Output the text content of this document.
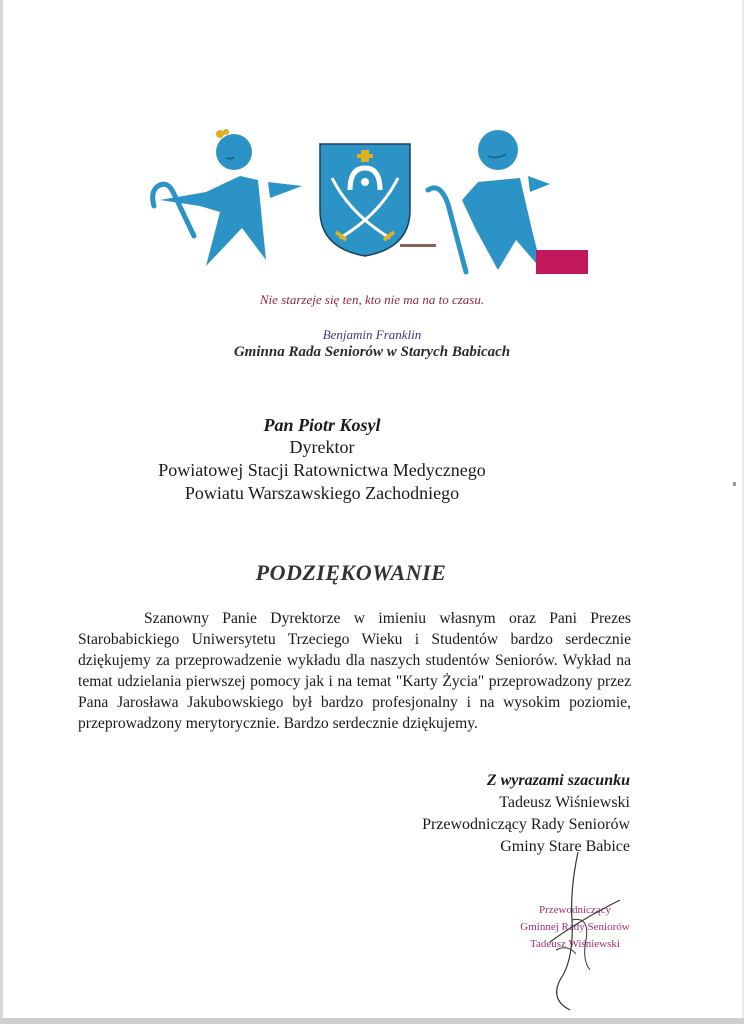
Nie starzeje się ten, kto nie ma na to czasu.
Benjamin Franklin
Gminna Rada Seniorów w Starych Babicach
Pan Piotr Kosyl
Dyrektor
Powiatowej Stacji Ratownictwa Medycznego
Powiatu Warszawskiego Zachodniego
PODZIĘKOWANIE
Szanowny Panie Dyrektorze w imieniu własnym oraz Pani Prezes Starobabickiego Uniwersytetu Trzeciego Wieku i Studentów bardzo serdecznie dziękujemy za przeprowadzenie wykładu dla naszych studentów Seniorów. Wykład na temat udzielania pierwszej pomocy jak i na temat "Karty Życia" przeprowadzony przez Pana Jarosława Jakubowskiego był bardzo profesjonalny i na wysokim poziomie, przeprowadzony merytorycznie. Bardzo serdecznie dziękujemy.
Z wyrazami szacunku
Tadeusz Wiśniewski
Przewodniczący Rady Seniorów
Gminy Stare Babice
Przewodniczący
Gminnej Rady Seniorów
Tadeusz Wiśniewski
